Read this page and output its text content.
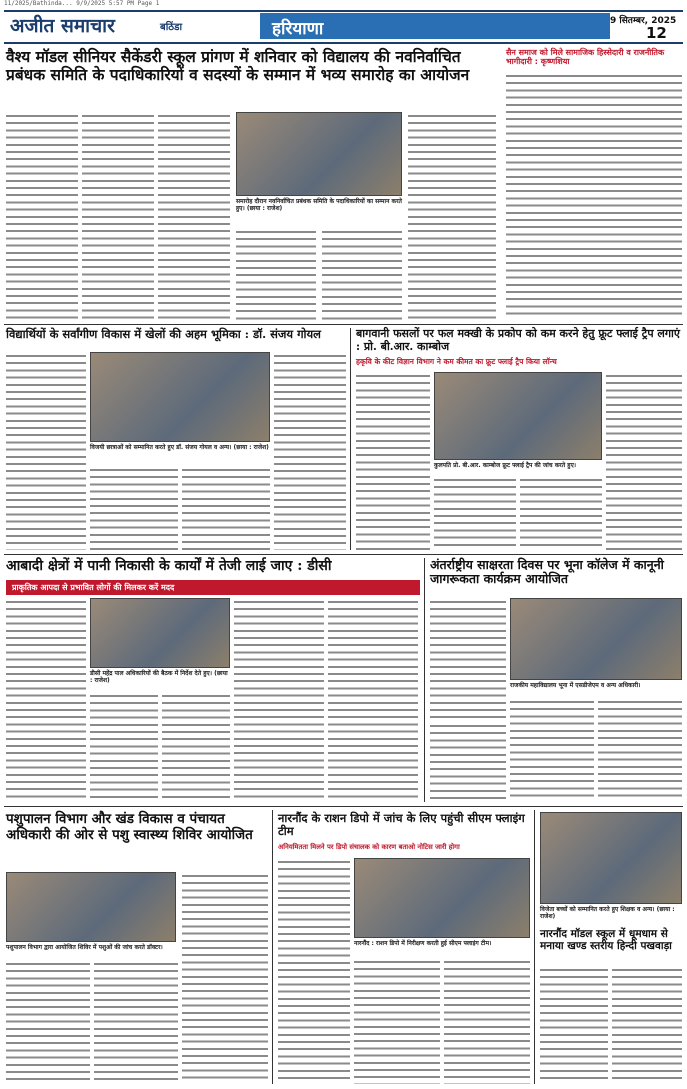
11/2025/Bathinda... 9/9/2025 5:57 PM Page 1
अजीत समाचार	बठिंडा	हरियाणा	9 सितम्बर, 2025
12
वैश्य मॉडल सीनियर सैकेंडरी स्कूल प्रांगण में शनिवार को विद्यालय की नवनिर्वाचित प्रबंधक समिति के पदाधिकारियों व सदस्यों के सम्मान में भव्य समारोह का आयोजन
समारोह दौरान नवनिर्वाचित प्रबंधक समिति के पदाधिकारियों का सम्मान करते हुए। (छाया : राजेश)
सैन समाज को मिले सामाजिक हिस्सेदारी व राजनीतिक भागीदारी : कृष्णशिया
विद्यार्थियों के सर्वांगीण विकास में खेलों की अहम भूमिका : डॉ. संजय गोयल
विजयी छात्राओं को सम्मानित करते हुए डॉ. संजय गोयल व अन्य। (छाया : राजेश)
बागवानी फसलों पर फल मक्खी के प्रकोप को कम करने हेतु फ्रूट फ्लाई ट्रैप लगाएं : प्रो. बी.आर. काम्बोज
हकृवि के कीट विज्ञान विभाग ने कम कीमत का फ्रूट फ्लाई ट्रैप किया लॉन्च
कुलपति प्रो. बी.आर. काम्बोज फ्रूट फ्लाई ट्रैप की जांच करते हुए।
आबादी क्षेत्रों में पानी निकासी के कार्यों में तेजी लाई जाए : डीसी
प्राकृतिक आपदा से प्रभावित लोगों की मिलकर करें मदद
डीसी महेंद्र पाल अधिकारियों की बैठक में निर्देश देते हुए। (छाया : राजेश)
अंतर्राष्ट्रीय साक्षरता दिवस पर भूना कॉलेज में कानूनी जागरूकता कार्यक्रम आयोजित
राजकीय महाविद्यालय भूना में एसडीजेएम व अन्य अधिकारी।
पशुपालन विभाग और खंड विकास व पंचायत अधिकारी की ओर से पशु स्वास्थ्य शिविर आयोजित
पशुपालन विभाग द्वारा आयोजित शिविर में पशुओं की जांच करते डॉक्टर।
नारनौंद के राशन डिपो में जांच के लिए पहुंची सीएम फ्लाइंग टीम
अनियमितता मिलने पर डिपो संचालक को कारण बताओ नोटिस जारी होगा
नारनौंद : राशन डिपो में निरीक्षण करती हुई सीएम फ्लाइंग टीम।
विजेता बच्चों को सम्मानित करते हुए शिक्षक व अन्य। (छाया : राजेश)
नारनौंद मॉडल स्कूल में धूमधाम से मनाया खण्ड स्तरीय हिन्दी पखवाड़ा
